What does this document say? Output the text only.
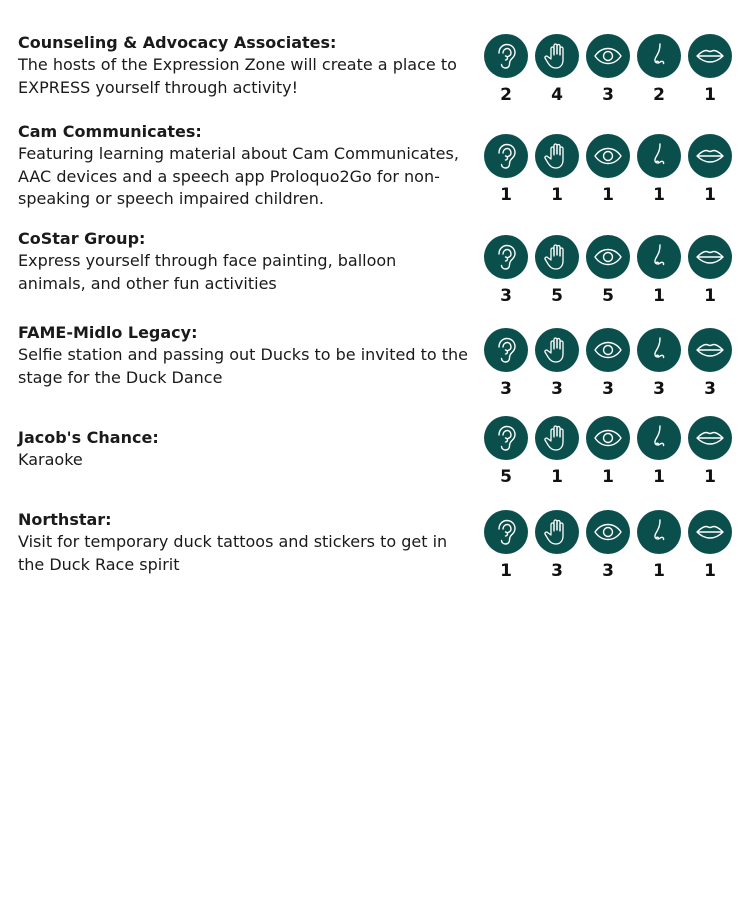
Counseling & Advocacy Associates:
The hosts of the Expression Zone will create a place to EXPRESS yourself through activity!	2	4	3	2	1
Cam Communicates:
Featuring learning material about Cam Communicates, AAC devices and a speech app Proloquo2Go for non-speaking or speech impaired children.	1	1	1	1	1
CoStar Group:
Express yourself through face painting, balloon animals, and other fun activities
3	5	5	1	1
FAME-Midlo Legacy:
Selfie station and passing out Ducks to be invited to the stage for the Duck Dance
3	3	3	3	3
Jacob's Chance:
Karaoke
5	1	1	1	1
Northstar:
Visit for temporary duck tattoos and stickers to get in the Duck Race spirit	1	3	3	1	1
